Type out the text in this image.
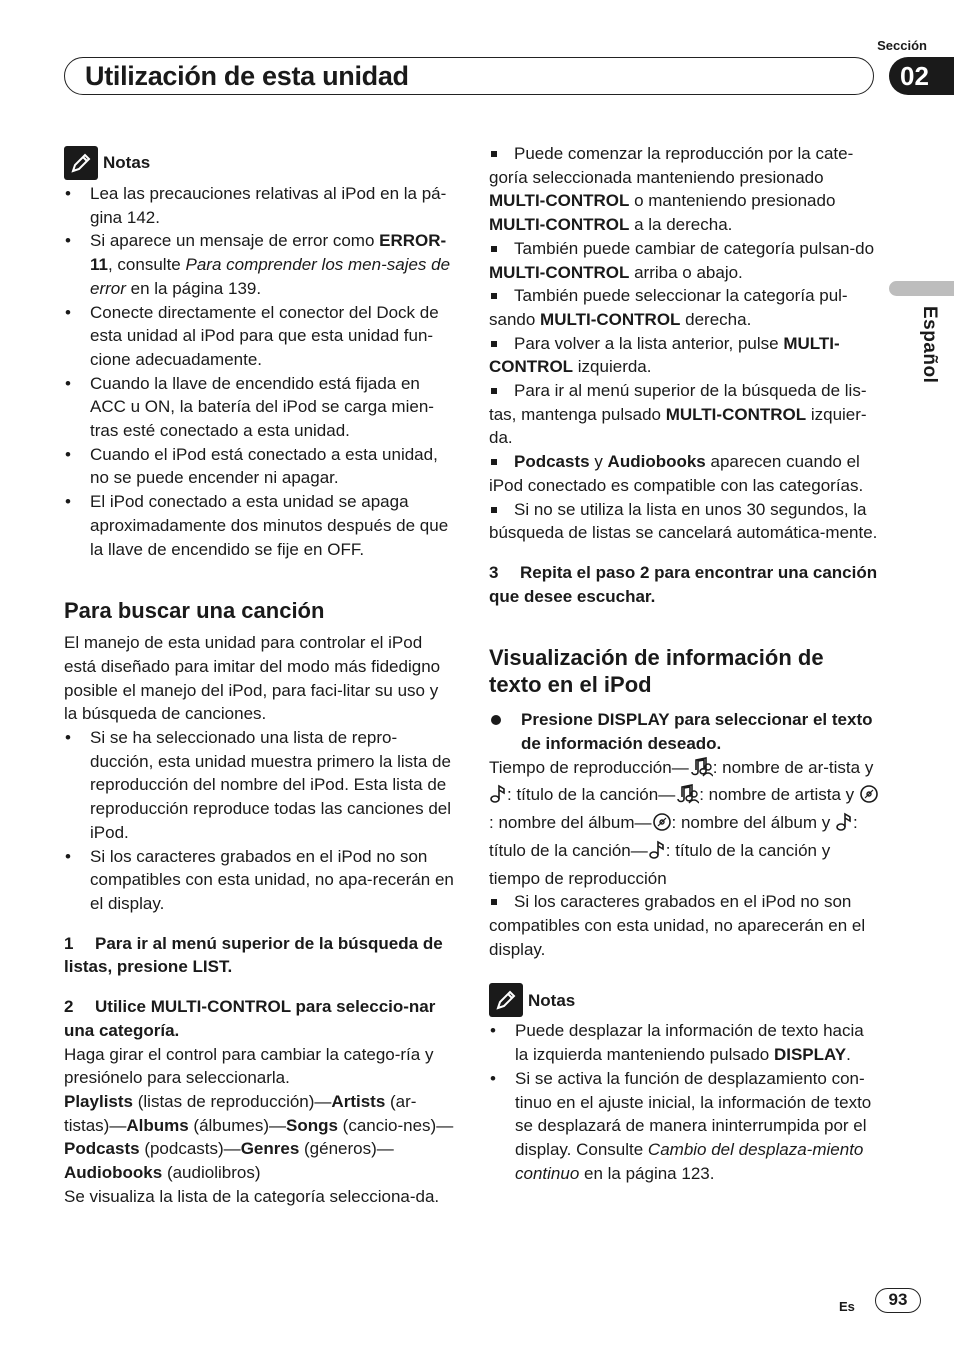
Sección
Utilización de esta unidad	02
Español
Notas
• Lea las precauciones relativas al iPod en la pá-gina 142.
• Si aparece un mensaje de error como ERROR-11, consulte Para comprender los men-sajes de error en la página 139.
• Conecte directamente el conector del Dock de esta unidad al iPod para que esta unidad fun-cione adecuadamente.
• Cuando la llave de encendido está fijada en ACC u ON, la batería del iPod se carga mien-tras esté conectado a esta unidad.
• Cuando el iPod está conectado a esta unidad, no se puede encender ni apagar.
• El iPod conectado a esta unidad se apaga aproximadamente dos minutos después de que la llave de encendido se fije en OFF.
Para buscar una canción

El manejo de esta unidad para controlar el iPod está diseñado para imitar del modo más fidedigno posible el manejo del iPod, para faci-litar su uso y la búsqueda de canciones.

• Si se ha seleccionado una lista de repro-ducción, esta unidad muestra primero la lista de reproducción del nombre del iPod. Esta lista de reproducción reproduce todas las canciones del iPod.
• Si los caracteres grabados en el iPod no son compatibles con esta unidad, no apa-recerán en el display.

1 Para ir al menú superior de la búsqueda de listas, presione LIST.

2 Utilice MULTI-CONTROL para seleccio-nar una categoría.

Haga girar el control para cambiar la catego-ría y presiónelo para seleccionarla.

Playlists (listas de reproducción)—Artists (ar-tistas)—Albums (álbumes)—Songs (cancio-nes)—Podcasts (podcasts)—Genres (géneros)—Audiobooks (audiolibros)

Se visualiza la lista de la categoría selecciona-da.

Puede comenzar la reproducción por la cate-goría seleccionada manteniendo presionado MULTI-CONTROL o manteniendo presionado MULTI-CONTROL a la derecha.

También puede cambiar de categoría pulsan-do MULTI-CONTROL arriba o abajo.

También puede seleccionar la categoría pul-sando MULTI-CONTROL derecha.

Para volver a la lista anterior, pulse MULTI-CONTROL izquierda.

Para ir al menú superior de la búsqueda de lis-tas, mantenga pulsado MULTI-CONTROL izquier-da.

Podcasts y Audiobooks aparecen cuando el iPod conectado es compatible con las categorías.

Si no se utiliza la lista en unos 30 segundos, la búsqueda de listas se cancelará automática-mente.

3 Repita el paso 2 para encontrar una canción que desee escuchar.

Visualización de información de texto en el iPod

Presione DISPLAY para seleccionar el texto de información deseado.

Tiempo de reproducción— : nombre de ar-tista y : título de la canción— : nombre de artista y : nombre del álbum— : nombre del álbum y : título de la canción— : título de la canción y tiempo de reproducción

Si los caracteres grabados en el iPod no son compatibles con esta unidad, no aparecerán en el display.

Notas
• Puede desplazar la información de texto hacia la izquierda manteniendo pulsado DISPLAY.
• Si se activa la función de desplazamiento con-tinuo en el ajuste inicial, la información de texto se desplazará de manera ininterrumpida por el display. Consulte Cambio del desplaza-miento continuo en la página 123.
Es	93
